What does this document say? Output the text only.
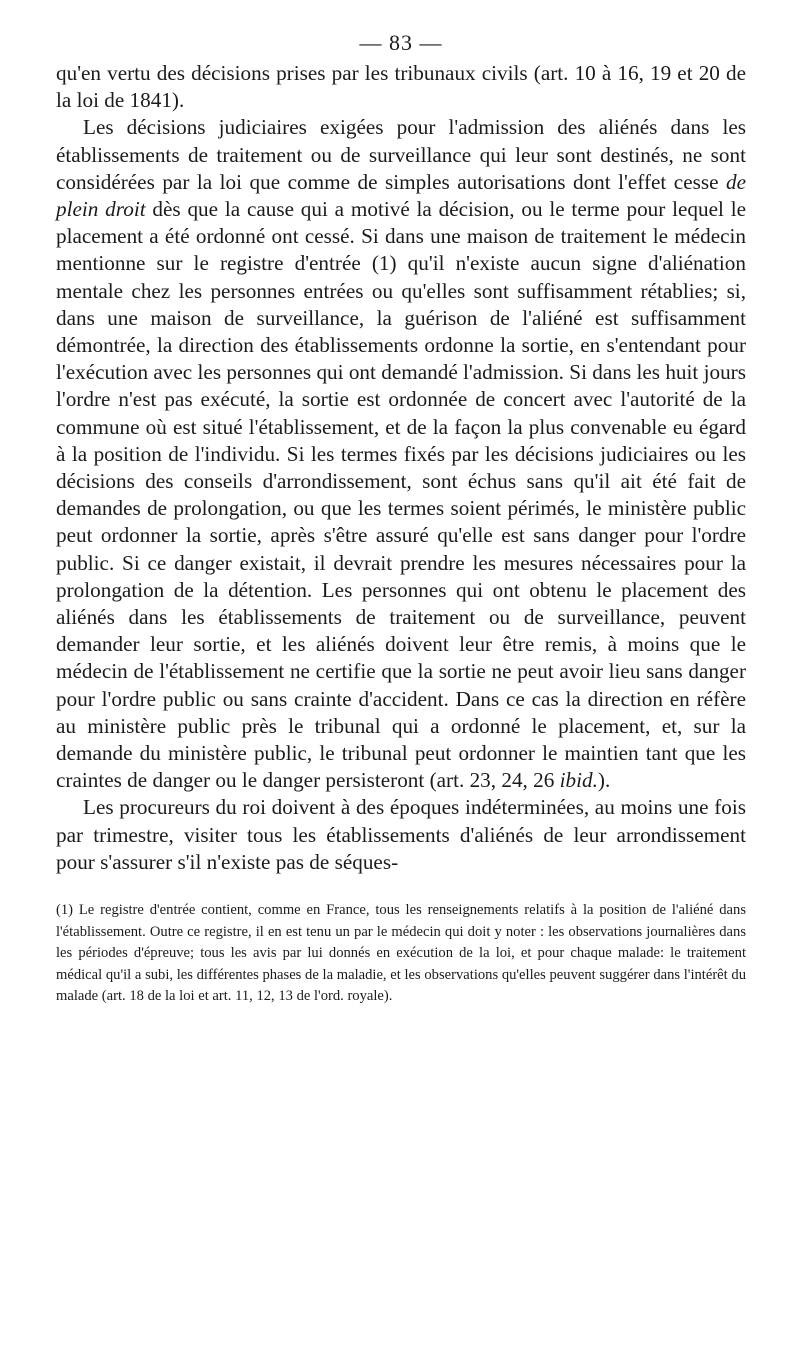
— 83 —

qu'en vertu des décisions prises par les tribunaux civils (art. 10 à 16, 19 et 20 de la loi de 1841).

Les décisions judiciaires exigées pour l'admission des aliénés dans les établissements de traitement ou de surveillance qui leur sont destinés, ne sont considérées par la loi que comme de simples autorisations dont l'effet cesse de plein droit dès que la cause qui a motivé la décision, ou le terme pour lequel le placement a été ordonné ont cessé. Si dans une maison de traitement le médecin mentionne sur le registre d'entrée (1) qu'il n'existe aucun signe d'aliénation mentale chez les personnes entrées ou qu'elles sont suffisamment rétablies; si, dans une maison de surveillance, la guérison de l'aliéné est suffisamment démontrée, la direction des établissements ordonne la sortie, en s'entendant pour l'exécution avec les personnes qui ont demandé l'admission. Si dans les huit jours l'ordre n'est pas exécuté, la sortie est ordonnée de concert avec l'autorité de la commune où est situé l'établissement, et de la façon la plus convenable eu égard à la position de l'individu. Si les termes fixés par les décisions judiciaires ou les décisions des conseils d'arrondissement, sont échus sans qu'il ait été fait de demandes de prolongation, ou que les termes soient périmés, le ministère public peut ordonner la sortie, après s'être assuré qu'elle est sans danger pour l'ordre public. Si ce danger existait, il devrait prendre les mesures nécessaires pour la prolongation de la détention. Les personnes qui ont obtenu le placement des aliénés dans les établissements de traitement ou de surveillance, peuvent demander leur sortie, et les aliénés doivent leur être remis, à moins que le médecin de l'établissement ne certifie que la sortie ne peut avoir lieu sans danger pour l'ordre public ou sans crainte d'accident. Dans ce cas la direction en réfère au ministère public près le tribunal qui a ordonné le placement, et, sur la demande du ministère public, le tribunal peut ordonner le maintien tant que les craintes de danger ou le danger persisteront (art. 23, 24, 26 ibid.).

Les procureurs du roi doivent à des époques indéterminées, au moins une fois par trimestre, visiter tous les établissements d'aliénés de leur arrondissement pour s'assurer s'il n'existe pas de séques-

(1) Le registre d'entrée contient, comme en France, tous les renseignements relatifs à la position de l'aliéné dans l'établissement. Outre ce registre, il en est tenu un par le médecin qui doit y noter : les observations journalières dans les périodes d'épreuve; tous les avis par lui donnés en exécution de la loi, et pour chaque malade: le traitement médical qu'il a subi, les différentes phases de la maladie, et les observations qu'elles peuvent suggérer dans l'intérêt du malade (art. 18 de la loi et art. 11, 12, 13 de l'ord. royale).
